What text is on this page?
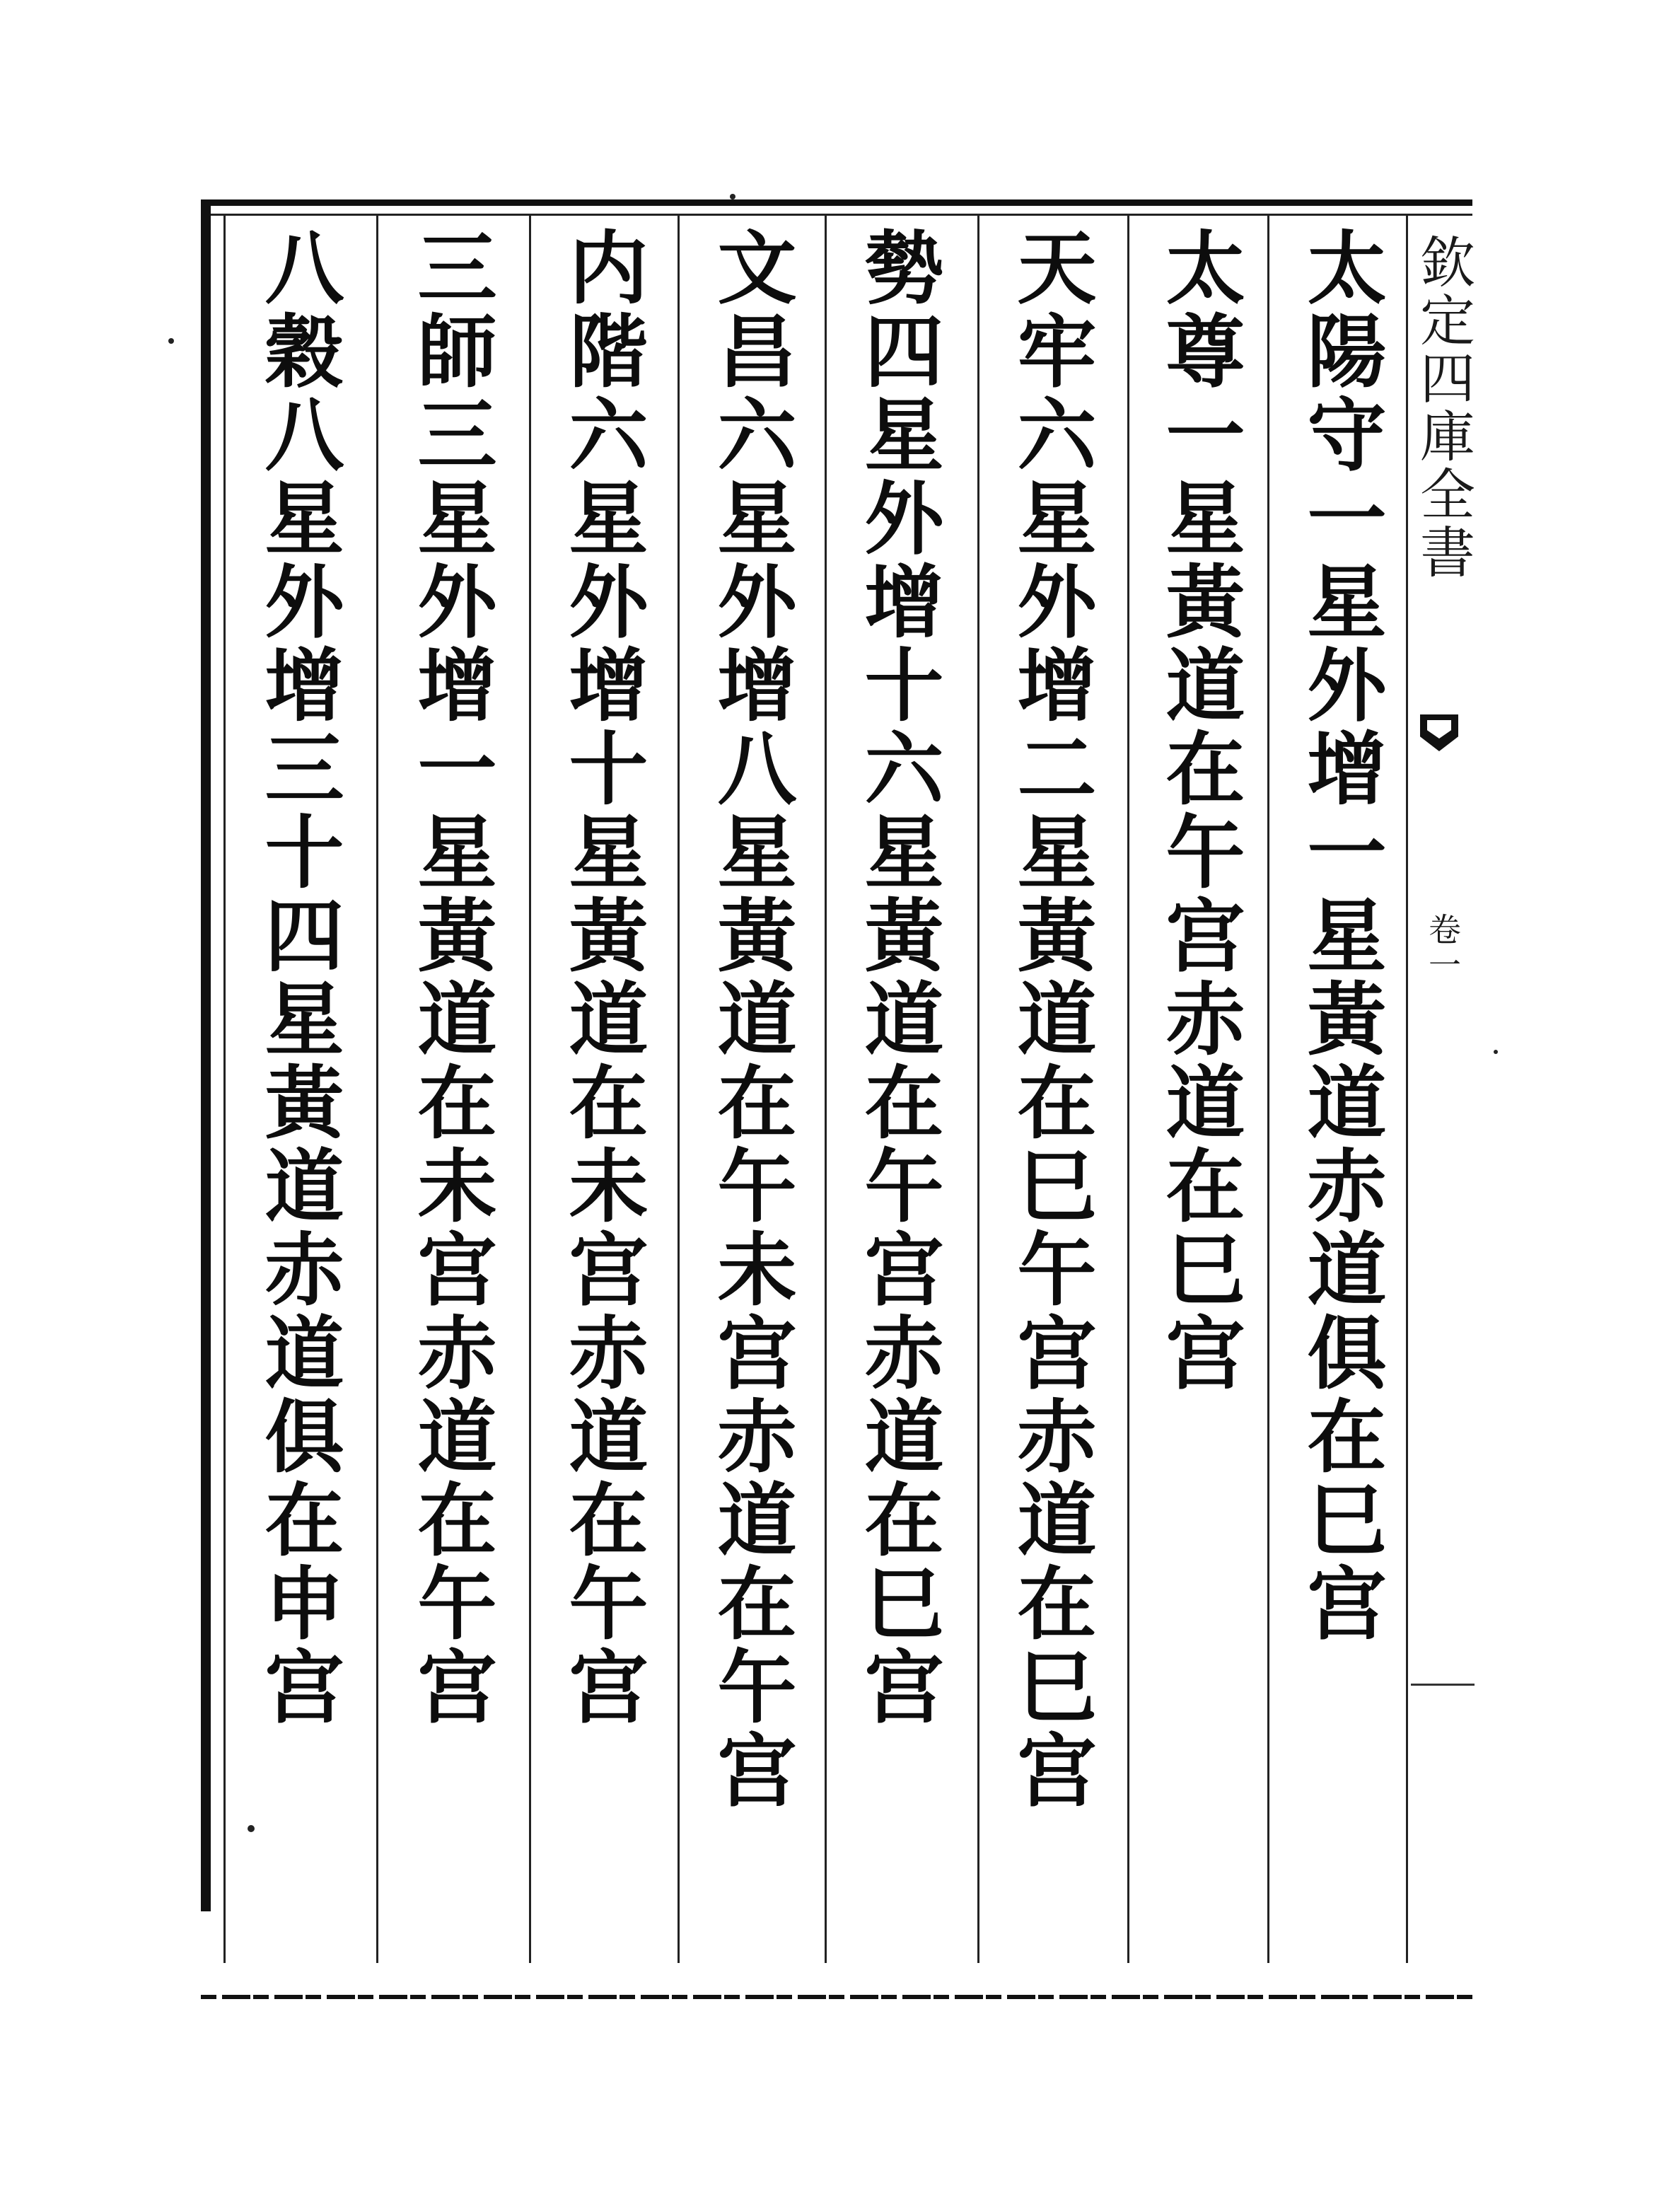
太陽守一星外增一星黃道赤道俱在巳宫
太尊一星黃道在午宫赤道在巳宫
天牢六星外增二星黃道在巳午宫赤道在巳宫
勢四星外增十六星黃道在午宫赤道在巳宫
文昌六星外增八星黃道在午未宫赤道在午宫
内階六星外增十星黃道在未宫赤道在午宫
三師三星外增一星黃道在未宫赤道在午宫
八穀八星外增三十四星黃道赤道俱在申宫	欽定四庫全書
卷一
